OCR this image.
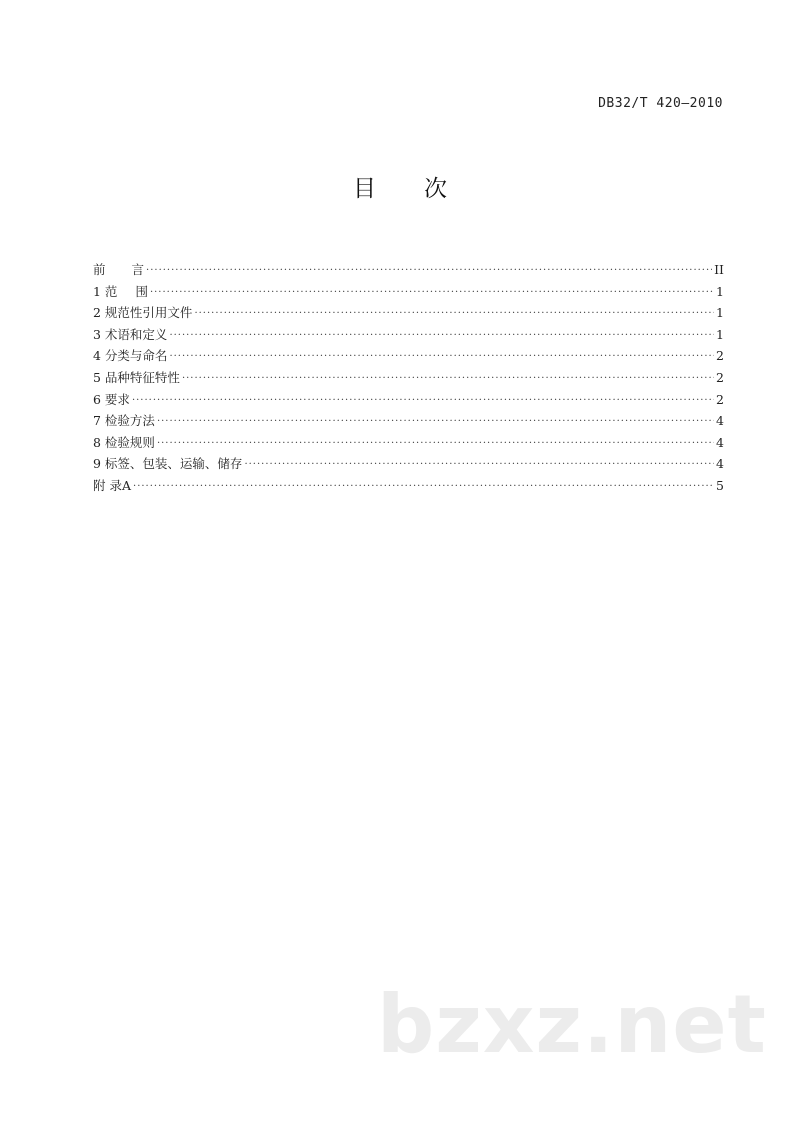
DB32/T 420—2010
目 次
前 言 ·····	II
1 范 围 ·····	1
2 规范性引用文件 ·····	1
3 术语和定义 ·····	1
4 分类与命名 ·····	2
5 品种特征特性 ·····	2
6 要求 ·····	2
7 检验方法 ·····	4
8 检验规则 ·····	4
9 标签、包装、运输、储存 ·····	4
附 录A ·····	5
bzxz.net
